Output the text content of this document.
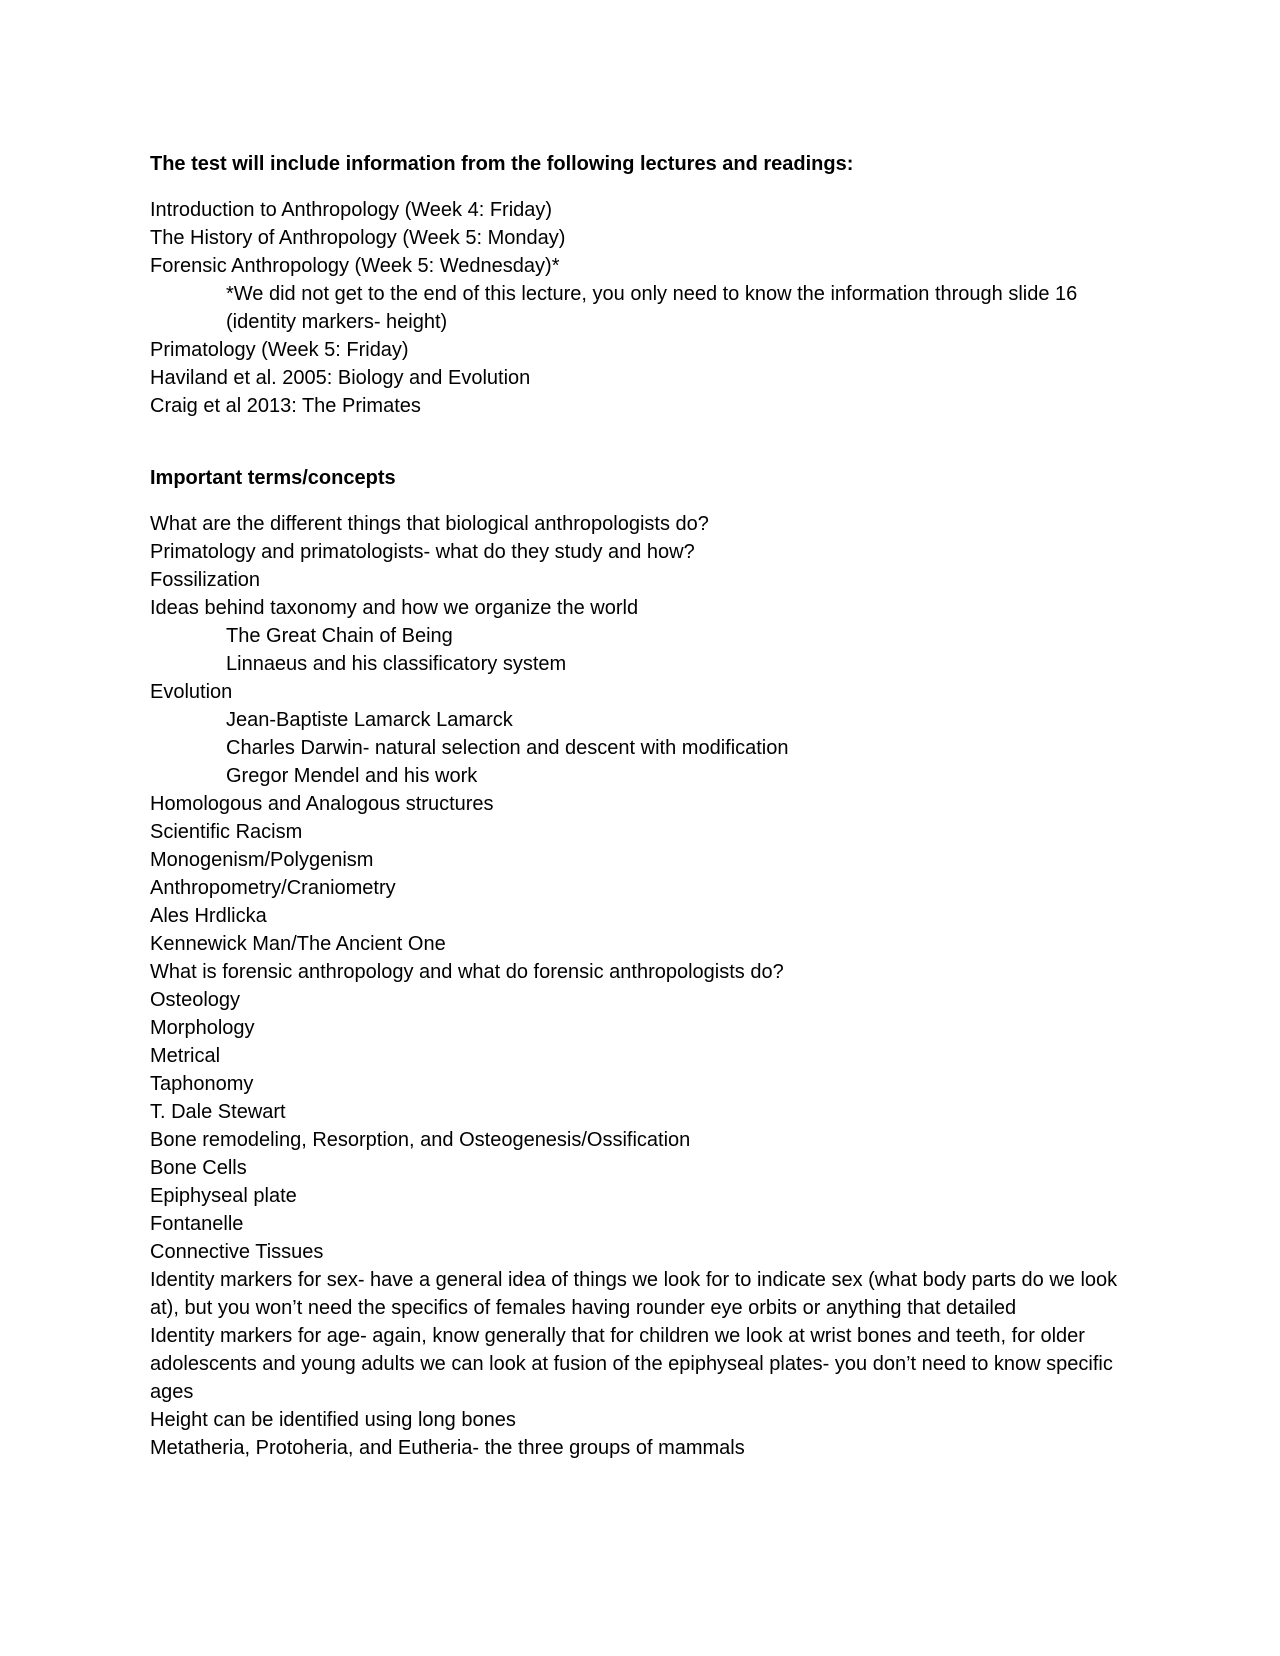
The test will include information from the following lectures and readings:

Introduction to Anthropology (Week 4: Friday)

The History of Anthropology (Week 5: Monday)

Forensic Anthropology (Week 5: Wednesday)*

*We did not get to the end of this lecture, you only need to know the information through slide 16 (identity markers- height)

Primatology (Week 5: Friday)

Haviland et al. 2005: Biology and Evolution

Craig et al 2013: The Primates

Important terms/concepts

What are the different things that biological anthropologists do?

Primatology and primatologists- what do they study and how?

Fossilization

Ideas behind taxonomy and how we organize the world

The Great Chain of Being

Linnaeus and his classificatory system

Evolution

Jean-Baptiste Lamarck Lamarck

Charles Darwin- natural selection and descent with modification

Gregor Mendel and his work

Homologous and Analogous structures

Scientific Racism

Monogenism/Polygenism

Anthropometry/Craniometry

Ales Hrdlicka

Kennewick Man/The Ancient One

What is forensic anthropology and what do forensic anthropologists do?

Osteology

Morphology

Metrical

Taphonomy

T. Dale Stewart

Bone remodeling, Resorption, and Osteogenesis/Ossification

Bone Cells

Epiphyseal plate

Fontanelle

Connective Tissues

Identity markers for sex- have a general idea of things we look for to indicate sex (what body parts do we look at), but you won’t need the specifics of females having rounder eye orbits or anything that detailed

Identity markers for age- again, know generally that for children we look at wrist bones and teeth, for older adolescents and young adults we can look at fusion of the epiphyseal plates- you don’t need to know specific ages

Height can be identified using long bones

Metatheria, Protoheria, and Eutheria- the three groups of mammals
